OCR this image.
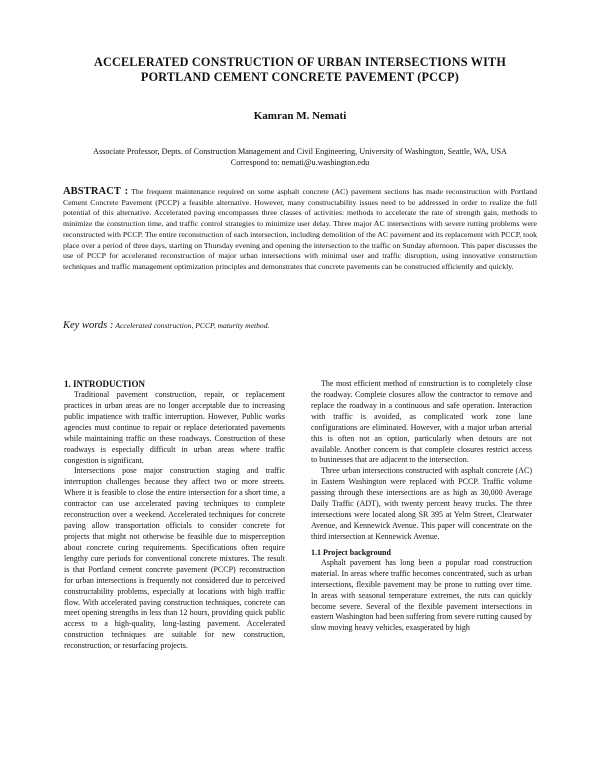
ACCELERATED CONSTRUCTION OF URBAN INTERSECTIONS WITH
PORTLAND CEMENT CONCRETE PAVEMENT (PCCP)
Kamran M. Nemati
Associate Professor, Depts. of Construction Management and Civil Engineering, University of Washington, Seattle, WA, USA
Correspond to: nemati@u.washington.edu
ABSTRACT : The frequent maintenance required on some asphalt concrete (AC) pavement sections has made reconstruction with Portland Cement Concrete Pavement (PCCP) a feasible alternative. However, many constructability issues need to be addressed in order to realize the full potential of this alternative. Accelerated paving encompasses three classes of activities: methods to accelerate the rate of strength gain, methods to minimize the construction time, and traffic control strategies to minimize user delay. Three major AC intersections with severe rutting problems were reconstructed with PCCP. The entire reconstruction of each intersection, including demolition of the AC pavement and its replacement with PCCP, took place over a period of three days, starting on Thursday evening and opening the intersection to the traffic on Sunday afternoon. This paper discusses the use of PCCP for accelerated reconstruction of major urban intersections with minimal user and traffic disruption, using innovative construction techniques and traffic management optimization principles and demonstrates that concrete pavements can be constructed efficiently and quickly.
Key words : Accelerated construction, PCCP, maturity method.
1. INTRODUCTION

Traditional pavement construction, repair, or replacement practices in urban areas are no longer acceptable due to increasing public impatience with traffic interruption. However, Public works agencies must continue to repair or replace deteriorated pavements while maintaining traffic on these roadways. Construction of these roadways is especially difficult in urban areas where traffic congestion is significant.

Intersections pose major construction staging and traffic interruption challenges because they affect two or more streets. Where it is feasible to close the entire intersection for a short time, a contractor can use accelerated paving techniques to complete reconstruction over a weekend. Accelerated techniques for concrete paving allow transportation officials to consider concrete for projects that might not otherwise be feasible due to misperception about concrete curing requirements. Specifications often require lengthy cure periods for conventional concrete mixtures. The result is that Portland cement concrete pavement (PCCP) reconstruction for urban intersections is frequently not considered due to perceived constructability problems, especially at locations with high traffic flow. With accelerated paving construction techniques, concrete can meet opening strengths in less than 12 hours, providing quick public access to a high-quality, long-lasting pavement. Accelerated construction techniques are suitable for new construction, reconstruction, or resurfacing projects.

The most efficient method of construction is to completely close the roadway. Complete closures allow the contractor to remove and replace the roadway in a continuous and safe operation. Interaction with traffic is avoided, as complicated work zone lane configurations are eliminated. However, with a major urban arterial this is often not an option, particularly when detours are not available. Another concern is that complete closures restrict access to businesses that are adjacent to the intersection.

Three urban intersections constructed with asphalt concrete (AC) in Eastern Washington were replaced with PCCP. Traffic volume passing through these intersections are as high as 30,000 Average Daily Traffic (ADT), with twenty percent heavy trucks. The three intersections were located along SR 395 at Yelm Street, Clearwater Avenue, and Kennewick Avenue. This paper will concentrate on the third intersection at Kennewick Avenue.

1.1 Project background

Asphalt pavement has long been a popular road construction material. In areas where traffic becomes concentrated, such as urban intersections, flexible pavement may be prone to rutting over time. In areas with seasonal temperature extremes, the ruts can quickly become severe. Several of the flexible pavement intersections in eastern Washington had been suffering from severe rutting caused by slow moving heavy vehicles, exasperated by high
